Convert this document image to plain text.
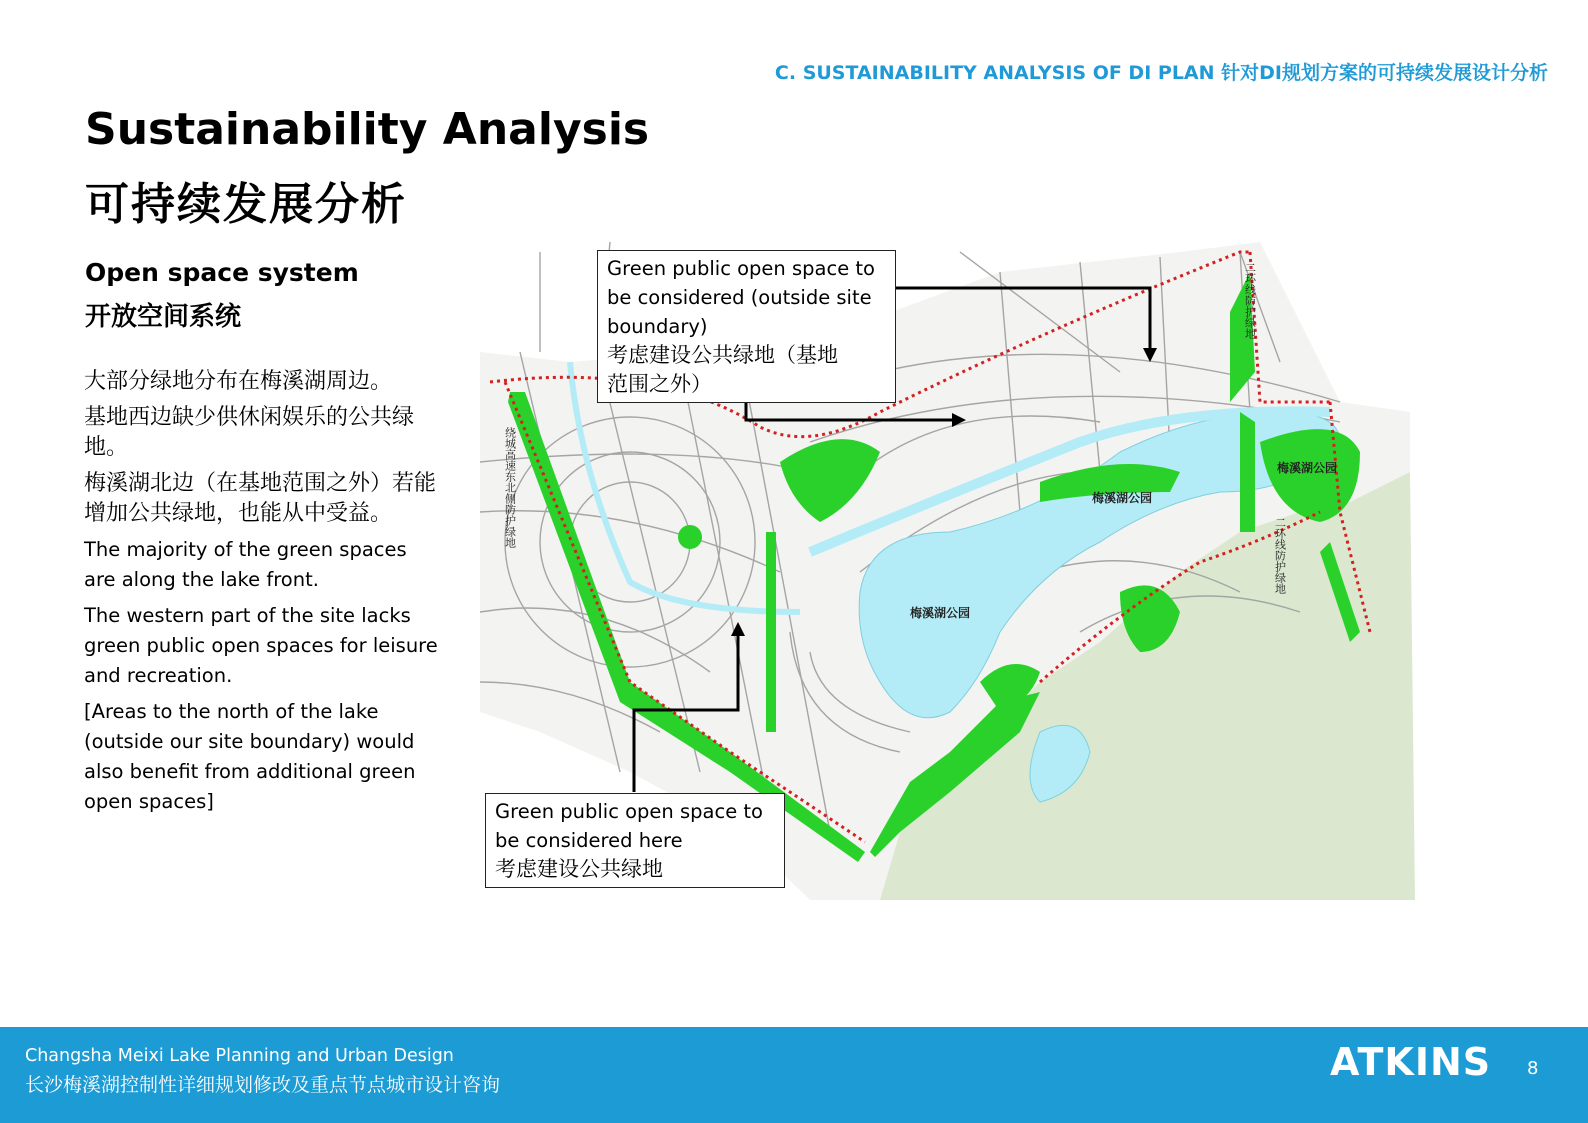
C. SUSTAINABILITY ANALYSIS OF DI PLAN 针对DI规划方案的可持续发展设计分析
Sustainability Analysis
可持续发展分析
Open space system
开放空间系统

大部分绿地分布在梅溪湖周边。

基地西边缺少供休闲娱乐的公共绿地。

梅溪湖北边（在基地范围之外）若能增加公共绿地，也能从中受益。

The majority of the green spaces are along the lake front.

The western part of the site lacks green public open spaces for leisure and recreation.

[Areas to the north of the lake (outside our site boundary) would also benefit from additional green open spaces]

梅溪湖公园
梅溪湖公园
梅溪湖公园
二环线防护绿地
二环线防护绿地
绕城高速东北侧防护绿地
Green public open space to
be considered (outside site
boundary)
考虑建设公共绿地（基地
范围之外）
Green public open space to
be considered here
考虑建设公共绿地
Changsha Meixi Lake Planning and Urban Design
长沙梅溪湖控制性详细规划修改及重点节点城市设计咨询
ATKINS 8
